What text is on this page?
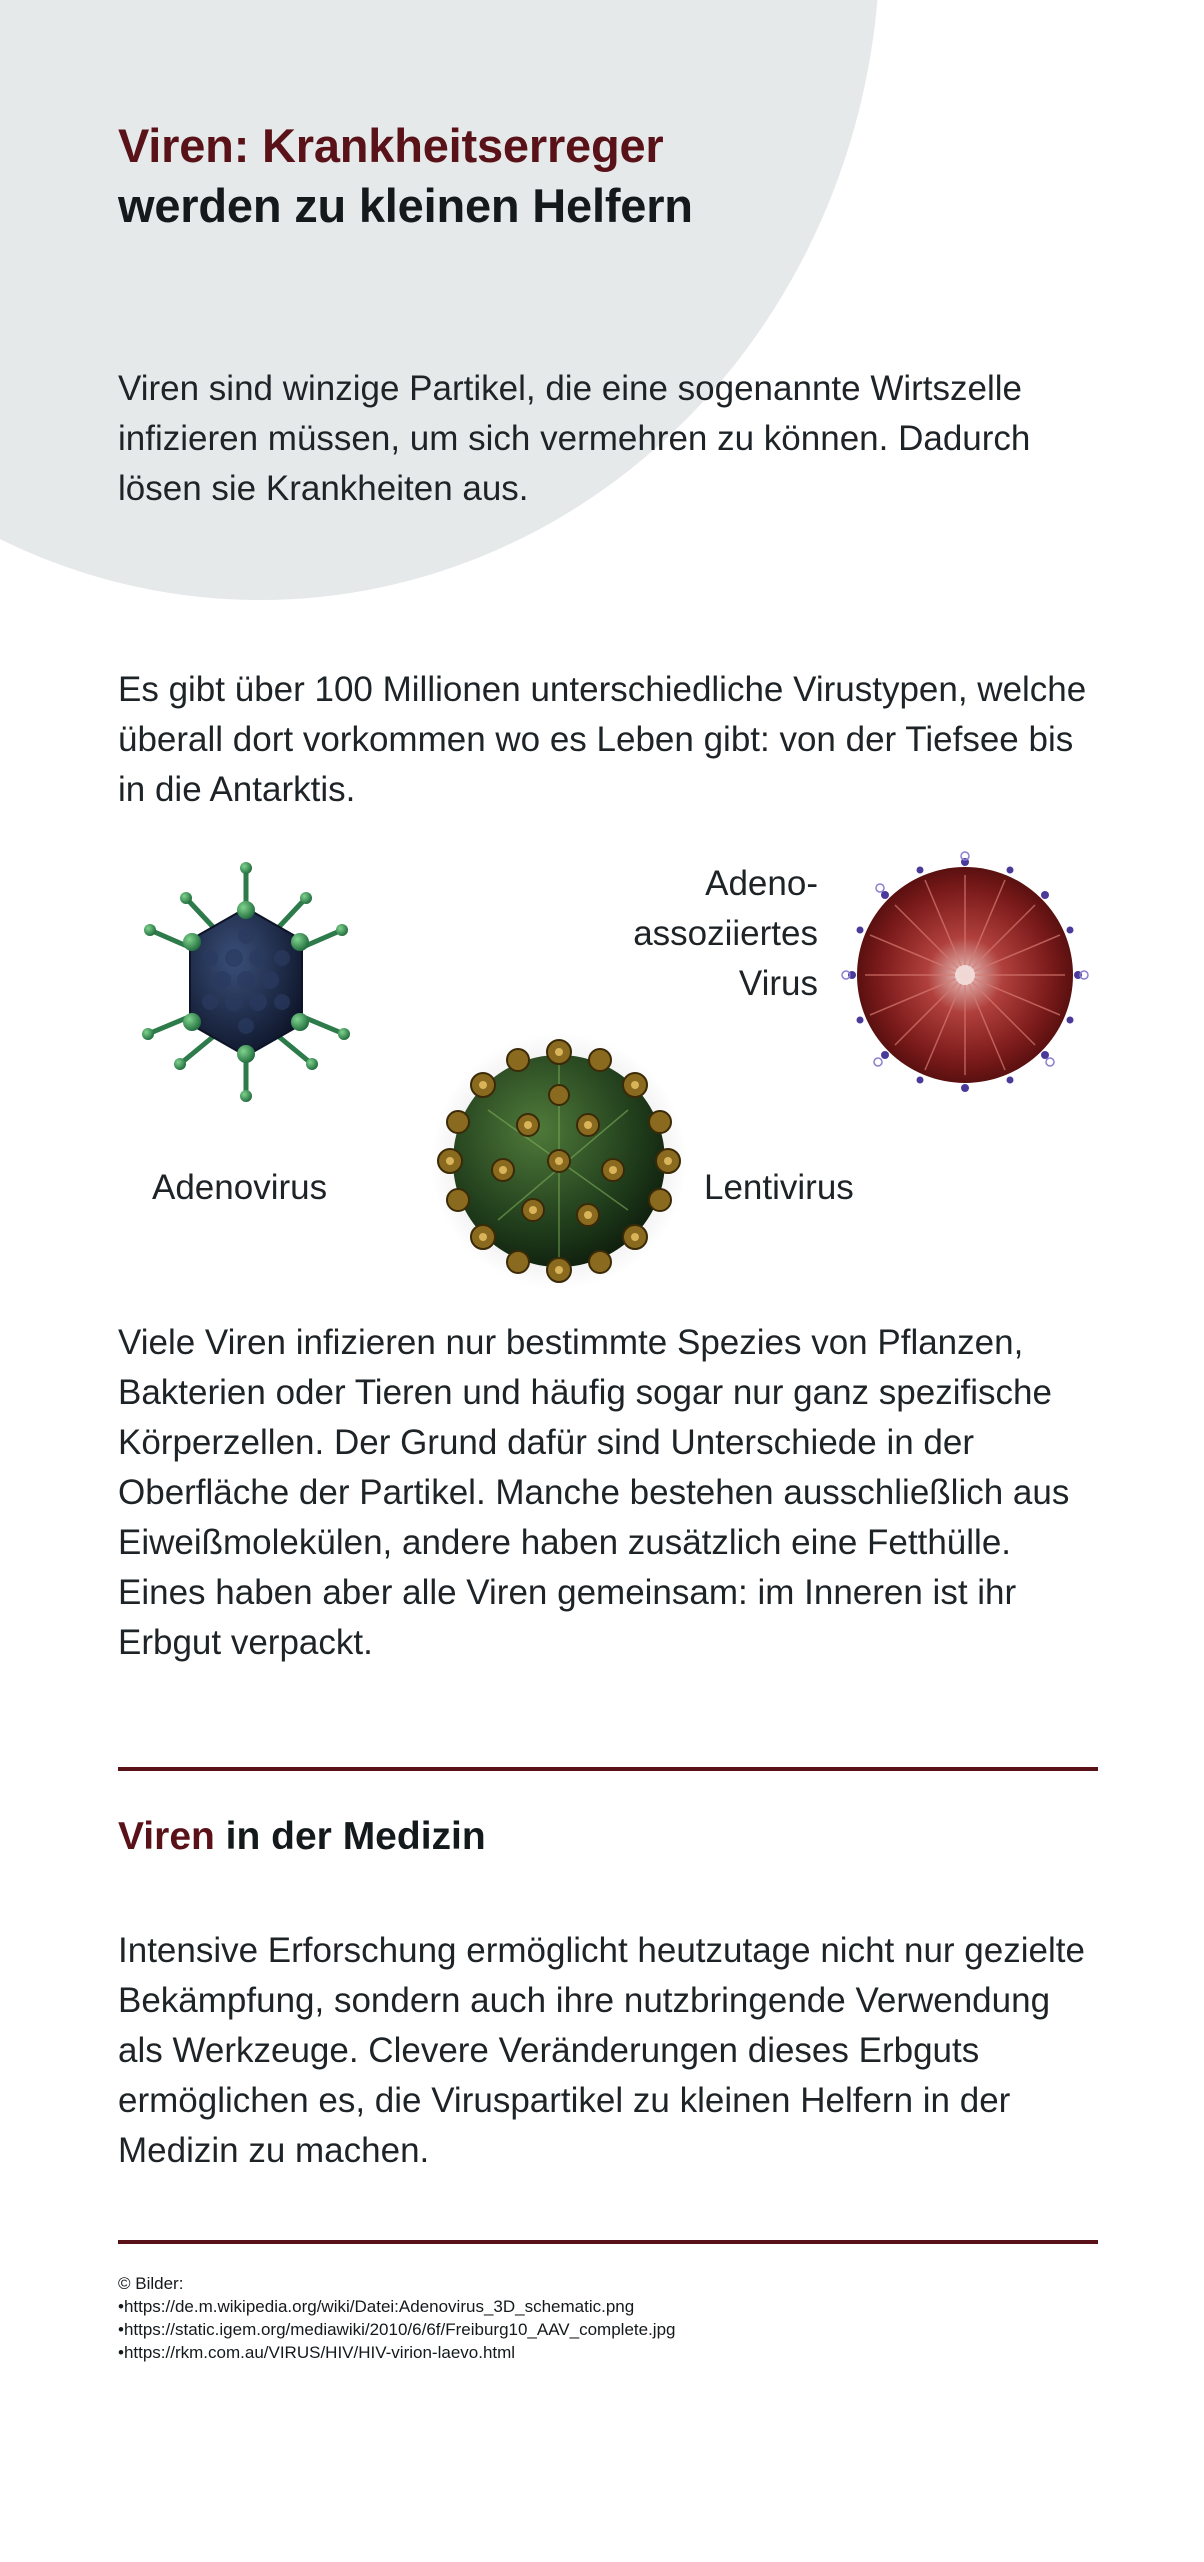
Viren: Krankheitserreger
werden zu kleinen Helfern

Viren sind winzige Partikel, die eine sogenannte Wirtszelle infizieren müssen, um sich vermehren zu können. Dadurch lösen sie Krankheiten aus.

Es gibt über 100 Millionen unterschiedliche Virustypen, welche überall dort vorkommen wo es Leben gibt: von der Tiefsee bis in die Antarktis.

Adeno-
assoziiertes
Virus
Adenovirus	Lentivirus

Viele Viren infizieren nur bestimmte Spezies von Pflanzen, Bakterien oder Tieren und häufig sogar nur ganz spezifische Körperzellen. Der Grund dafür sind Unterschiede in der Oberfläche der Partikel. Manche bestehen ausschließlich aus Eiweißmolekülen, andere haben zusätzlich eine Fetthülle. Eines haben aber alle Viren gemeinsam: im Inneren ist ihr Erbgut verpackt.

Viren in der Medizin

Intensive Erforschung ermöglicht heutzutage nicht nur gezielte Bekämpfung, sondern auch ihre nutzbringende Verwendung als Werkzeuge. Clevere Veränderungen dieses Erbguts ermöglichen es, die Viruspartikel zu kleinen Helfern in der Medizin zu machen.

© Bilder:
• https://de.m.wikipedia.org/wiki/Datei:Adenovirus_3D_schematic.png
• https://static.igem.org/mediawiki/2010/6/6f/Freiburg10_AAV_complete.jpg
• https://rkm.com.au/VIRUS/HIV/HIV-virion-laevo.html
